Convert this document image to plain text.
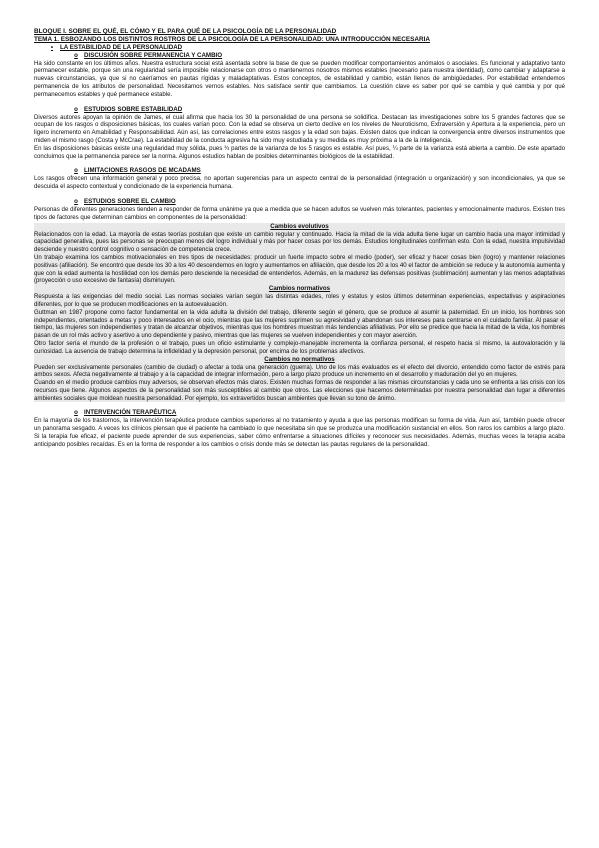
BLOQUE I. SOBRE EL QUÉ, EL CÓMO Y EL PARA QUÉ DE LA PSICOLOGÍA DE LA PERSONALIDAD

TEMA 1. ESBOZANDO LOS DISTINTOS ROSTROS DE LA PSICOLOGÍA DE LA PERSONALIDAD: UNA INTRODUCCIÓN NECESARIA

•	LA ESTABILIDAD DE LA PERSONALIDAD
o DISCUSIÓN SOBRE PERMANENCIA Y CAMBIO

Ha sido constante en los últimos años. Nuestra estructura social está asentada sobre la base de que se pueden modificar comportamientos anómalos o asociales. Es funcional y adaptativo tanto permanecer estable, porque sin una regularidad sería imposible relacionarse con otros o mantenernos nosotros mismos estables (necesario para nuestra identidad), como cambiar y adaptarse a nuevas circunstancias, ya que si no caeríamos en pautas rígidas y maladaptativas. Estos conceptos, de estabilidad y cambio, están llenos de ambigüedades. Por estabilidad entendemos permanencia de los atributos de personalidad. Necesitamos vernos estables. Nos satisface sentir que cambiamos. La cuestión clave es saber por qué se cambia y qué cambia y por qué permanecemos estables y qué permanece estable.

o ESTUDIOS SOBRE ESTABILIDAD

Diversos autores apoyan la opinión de James, el cual afirma que hacia los 30 la personalidad de una persona se solidifica. Destacan las investigaciones sobre los 5 grandes factores que se ocupan de los rasgos o disposiciones básicas, los cuales varían poco. Con la edad se observa un cierto declive en los niveles de Neuroticismo, Extraversión y Apertura a la experiencia, pero un ligero incremento en Amabilidad y Responsabilidad. Aún así, las correlaciones entre estos rasgos y la edad son bajas. Existen datos que indican la convergencia entre diversos instrumentos que miden el mismo rasgo (Costa y McCrae). La estabilidad de la conducta agresiva ha sido muy estudiada y su medida es muy próxima a la de la inteligencia.

En las disposiciones básicas existe una regularidad muy sólida, pues ¾ partes de la varianza de los 5 rasgos es estable. Así pues, ¼ parte de la varianza está abierta a cambio. De este apartado concluimos que la permanencia parece ser la norma. Algunos estudios hablan de posibles determinantes biológicos de la estabilidad.

o LIMITACIONES RASGOS DE MCADAMS

Los rasgos ofrecen una información general y poco precisa, no aportan sugerencias para un aspecto central de la personalidad (integración u organización) y son incondicionales, ya que se descuida el aspecto contextual y condicionado de la experiencia humana.

o ESTUDIOS SOBRE EL CAMBIO

Personas de diferentes generaciones tienden a responder de forma unánime ya que a medida que se hacen adultos se vuelven más tolerantes, pacientes y emocionalmente maduros. Existen tres tipos de factores que determinan cambios en componentes de la personalidad:

Cambios evolutivos

Relacionados con la edad. La mayoría de estas teorías postulan que existe un cambio regular y continuado. Hacia la mitad de la vida adulta tiene lugar un cambio hacia una mayor intimidad y capacidad generativa, pues las personas se preocupan menos del logro individual y más por hacer cosas por los demás. Estudios longitudinales confirman esto. Con la edad, nuestra impulsividad desciende y nuestro control cognitivo o sensación de competencia crece.

Un trabajo examina los cambios motivacionales en tres tipos de necesidades: producir un fuerte impacto sobre el medio (poder), ser eficaz y hacer cosas bien (logro) y mantener relaciones positivas (afiliación). Se encontró que desde los 30 a los 40 descendemos en logro y aumentamos en afiliación, que desde los 20 a los 40 el factor de ambición se reduce y la autonomía aumenta y que con la edad aumenta la hostilidad con los demás pero desciende la necesidad de entenderlos. Además, en la madurez las defensas positivas (sublimación) aumentan y las menos adaptativas (proyección o uso excesivo de fantasía) disminuyen.

Cambios normativos

Respuesta a las exigencias del medio social. Las normas sociales varían según las distintas edades, roles y estatus y estos últimos determinan experiencias, expectativas y aspiraciones diferentes, por lo que se producen modificaciones en la autoevaluación.

Guttman en 1987 propone como factor fundamental en la vida adulta la división del trabajo, diferente según el género, que se produce al asumir la paternidad. En un inicio, los hombres son independientes, orientados a metas y poco interesados en el ocio, mientras que las mujeres suprimen su agresividad y abandonan sus intereses para centrarse en el cuidado familiar. Al pasar el tiempo, las mujeres son independientes y tratan de alcanzar objetivos, mientras que los hombres muestran más tendencias afiliativas. Por ello se predice que hacia la mitad de la vida, los hombres pasan de un rol más activo y asertivo a uno dependiente y pasivo, mientras que las mujeres se vuelven independientes y con mayor aserción.

Otro factor sería el mundo de la profesión o el trabajo, pues un oficio estimulante y complejo-manejable incrementa la confianza personal, el respeto hacia sí mismo, la autovaloración y la curiosidad. La ausencia de trabajo determina la infidelidad y la depresión personal, por encima de los problemas afectivos.

Cambios no normativos

Pueden ser exclusivamente personales (cambio de ciudad) o afectar a toda una generación (guerra). Uno de los más evaluados es el efecto del divorcio, entendido como factor de estrés para ambos sexos. Afecta negativamente al trabajo y a la capacidad de integrar información, pero a largo plazo produce un incremento en el desarrollo y maduración del yo en mujeres.

Cuando en el medio produce cambios muy adversos, se observan efectos más claros. Existen muchas formas de responder a las mismas circunstancias y cada uno se enfrenta a las crisis con los recursos que tiene. Algunos aspectos de la personalidad son más susceptibles al cambio que otros. Las elecciones que hacemos determinadas por nuestra personalidad dan lugar a diferentes ambientes sociales que moldean nuestra personalidad. Por ejemplo, los extravertidos buscan ambientes que llevan su tono de ánimo.

o INTERVENCIÓN TERAPÉUTICA

En la mayoría de los trastornos, la intervención terapéutica produce cambios superiores al no tratamiento y ayuda a que las personas modifican su forma de vida. Aun así, también puede ofrecer un panorama sesgado. A veces los clínicos piensan que el paciente ha cambiado lo que necesitaba sin que se produzca una modificación sustancial en ellos. Son raros los cambios a largo plazo. Si la terapia fue eficaz, el paciente puede aprender de sus experiencias, saber cómo enfrentarse a situaciones difíciles y reconocer sus necesidades. Además, muchas veces la terapia acaba anticipando posibles recaídas. Es en la forma de responder a los cambios o crisis donde más se detectan las pautas regulares de la personalidad.
